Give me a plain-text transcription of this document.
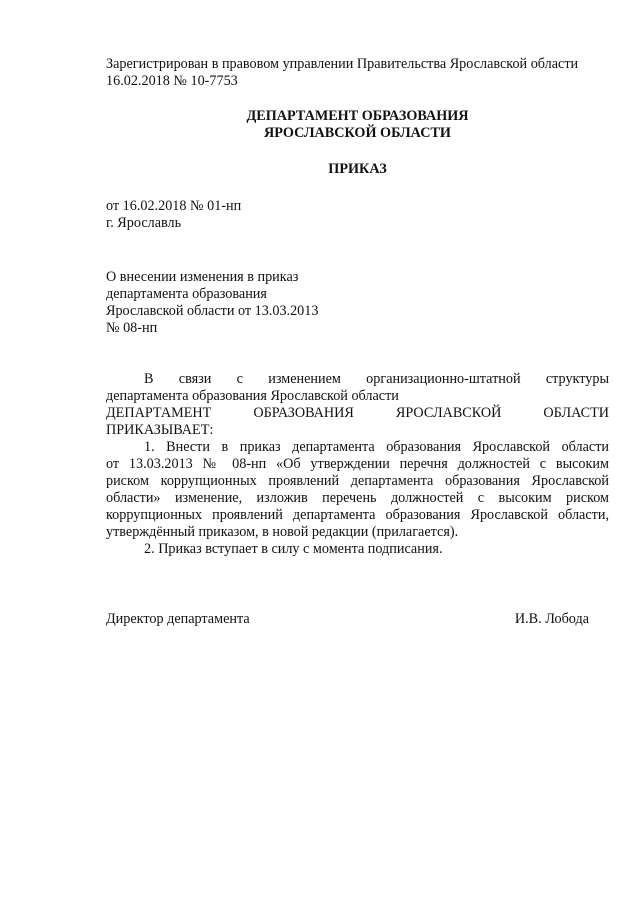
Зарегистрирован в правовом управлении Правительства Ярославской области
16.02.2018 № 10-7753
ДЕПАРТАМЕНТ ОБРАЗОВАНИЯ
ЯРОСЛАВСКОЙ ОБЛАСТИ
ПРИКАЗ
от 16.02.2018 № 01-нп
г. Ярославль
О внесении изменения в приказ
департамента образования
Ярославской области от 13.03.2013
№ 08-нп
В связи с изменением организационно-штатной структуры
департамента образования Ярославской области
ДЕПАРТАМЕНТ ОБРАЗОВАНИЯ ЯРОСЛАВСКОЙ ОБЛАСТИ
ПРИКАЗЫВАЕТ:
1. Внести в приказ департамента образования Ярославской области
от 13.03.2013 № 08-нп «Об утверждении перечня должностей с высоким
риском коррупционных проявлений департамента образования Ярославской
области» изменение, изложив перечень должностей с высоким риском
коррупционных проявлений департамента образования Ярославской области,
утверждённый приказом, в новой редакции (прилагается).
2. Приказ вступает в силу с момента подписания.
Директор департамента	И.В. Лобода
